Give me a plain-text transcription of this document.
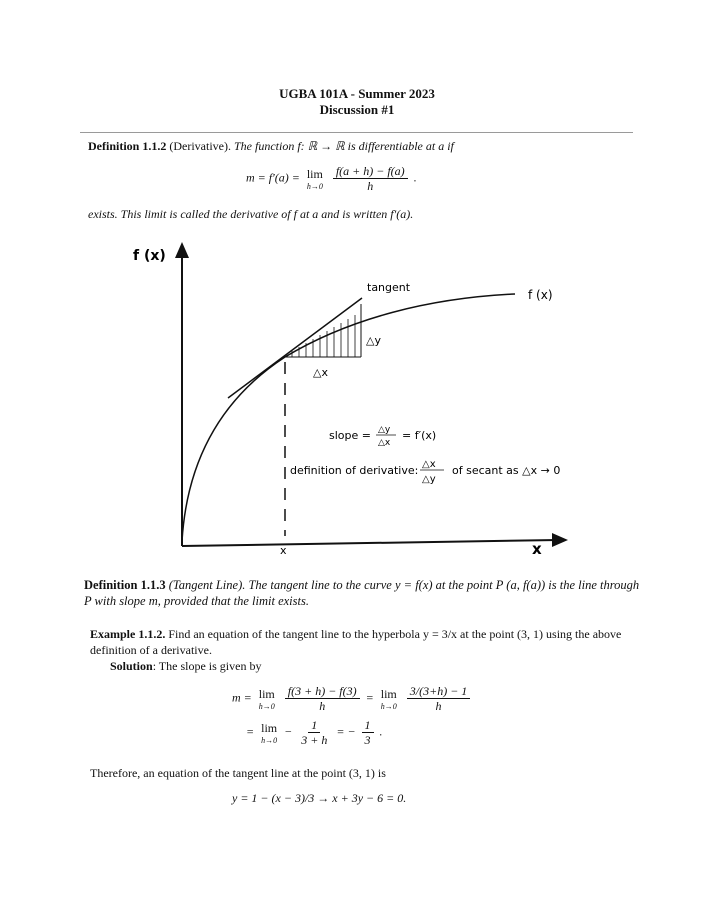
UGBA 101A - Summer 2023
Discussion #1
Definition 1.1.2 (Derivative). The function f: ℝ → ℝ is differentiable at a if
m = f′(a) = lim
h→0
$\frac{f(a + h) - f(a)}{h}$ .
exists. This limit is called the derivative of f at a and is written f′(a).
f (x)
x
tangent
f (x)
△y
△x
x
slope = △y
△x
= f′(x)
definition of derivative: △x
△y
of secant as △x → 0
Definition 1.1.3 (Tangent Line). The tangent line to the curve y = f(x) at the point P (a, f(a)) is the line through P with slope m, provided that the limit exists.
Example 1.1.2. Find an equation of the tangent line to the hyperbola y = 3/x at the point (3, 1) using the above definition of a derivative.
Solution: The slope is given by
m = lim
h→0
$\frac{f(3 + h) - f(3)}{h} = \lim$
h→0
$\frac{3/(3+h) - 1}{h}$
= lim
h→0
− $\frac{1}{3 + h}$ = − $\frac{1}{3}$ .
Therefore, an equation of the tangent line at the point (3, 1) is
y = 1 − (x − 3)/3 → x + 3y − 6 = 0.
